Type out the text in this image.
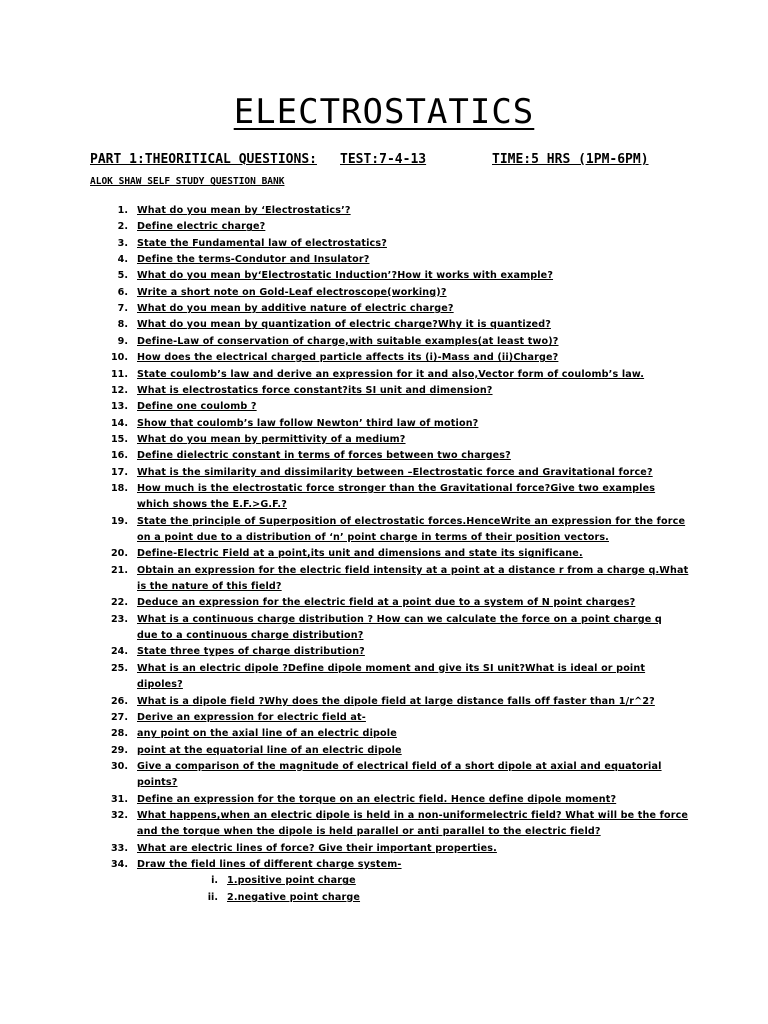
ELECTROSTATICS
PART 1:THEORITICAL QUESTIONS: TEST:7-4-13	TIME:5 HRS (1PM-6PM)
ALOK SHAW SELF STUDY QUESTION BANK
1. What do you mean by ‘Electrostatics’?
2. Define electric charge?
3. State the Fundamental law of electrostatics?
4. Define the terms-Condutor and Insulator?
5. What do you mean by‘Electrostatic Induction’?How it works with example?
6. Write a short note on Gold-Leaf electroscope(working)?
7. What do you mean by additive nature of electric charge?
8. What do you mean by quantization of electric charge?Why it is quantized?
9. Define-Law of conservation of charge,with suitable examples(at least two)?
10. How does the electrical charged particle affects its (i)-Mass and (ii)Charge?
11. State coulomb’s law and derive an expression for it and also,Vector form of coulomb’s law.
12. What is electrostatics force constant?its SI unit and dimension?
13. Define one coulomb ?
14. Show that coulomb’s law follow Newton’ third law of motion?
15. What do you mean by permittivity of a medium?
16. Define dielectric constant in terms of forces between two charges?
17. What is the similarity and dissimilarity between –Electrostatic force and Gravitational force?
18. How much is the electrostatic force stronger than the Gravitational force?Give two examples
which shows the E.F.>G.F.?
19. State the principle of Superposition of electrostatic forces.HenceWrite an expression for the force
on a point due to a distribution of ‘n’ point charge in terms of their position vectors.
20. Define-Electric Field at a point,its unit and dimensions and state its significane.
21. Obtain an expression for the electric field intensity at a point at a distance r from a charge q.What
is the nature of this field?
22. Deduce an expression for the electric field at a point due to a system of N point charges?
23. What is a continuous charge distribution ? How can we calculate the force on a point charge q
due to a continuous charge distribution?
24. State three types of charge distribution?
25. What is an electric dipole ?Define dipole moment and give its SI unit?What is ideal or point
dipoles?
26. What is a dipole field ?Why does the dipole field at large distance falls off faster than 1/r^2?
27. Derive an expression for electric field at-
28. any point on the axial line of an electric dipole
29. point at the equatorial line of an electric dipole
30. Give a comparison of the magnitude of electrical field of a short dipole at axial and equatorial
points?
31. Define an expression for the torque on an electric field. Hence define dipole moment?
32. What happens,when an electric dipole is held in a non-uniformelectric field? What will be the force
and the torque when the dipole is held parallel or anti parallel to the electric field?
33. What are electric lines of force? Give their important properties.
34. Draw the field lines of different charge system-
i. 1.positive point charge
ii. 2.negative point charge
